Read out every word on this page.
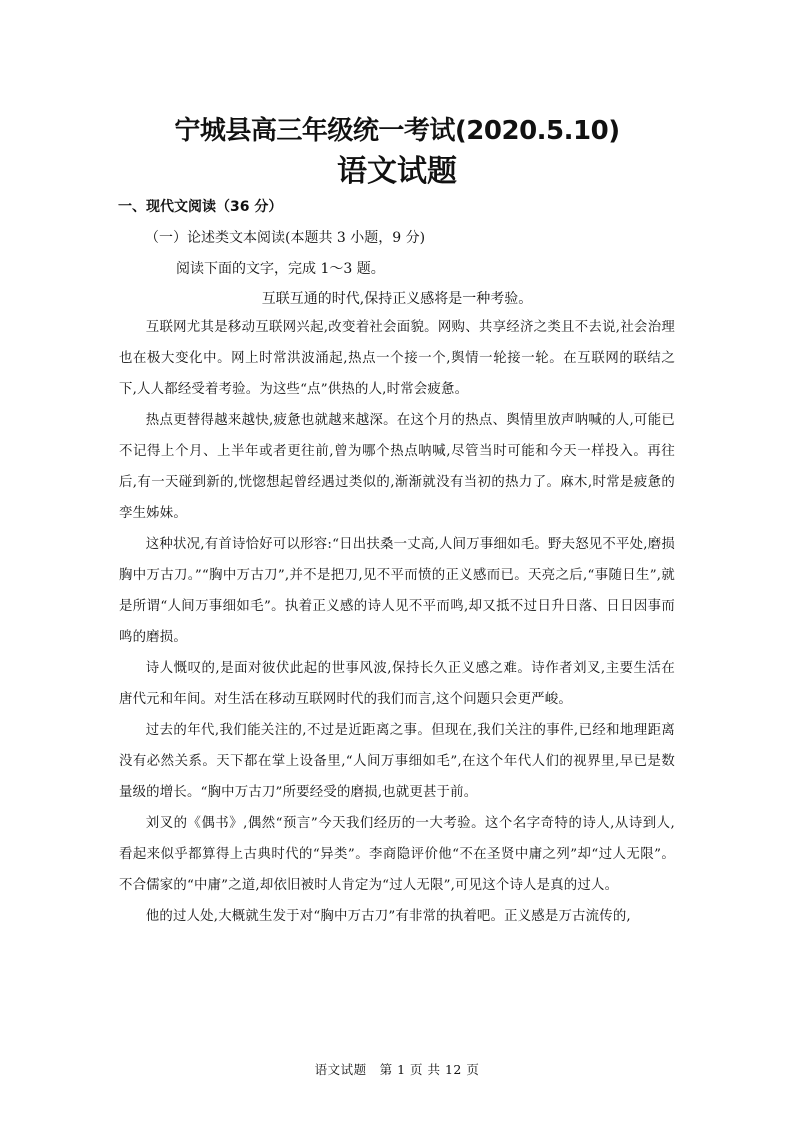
宁城县高三年级统一考试(2020.5.10)
语文试题
一、现代文阅读（36 分）
（一）论述类文本阅读(本题共 3 小题，9 分)
阅读下面的文字，完成 1～3 题。
互联互通的时代,保持正义感将是一种考验。

互联网尤其是移动互联网兴起,改变着社会面貌。网购、共享经济之类且不去说,社会治理也在极大变化中。网上时常洪波涌起,热点一个接一个,舆情一轮接一轮。在互联网的联结之下,人人都经受着考验。为这些“点”供热的人,时常会疲惫。

热点更替得越来越快,疲惫也就越来越深。在这个月的热点、舆情里放声呐喊的人,可能已不记得上个月、上半年或者更往前,曾为哪个热点呐喊,尽管当时可能和今天一样投入。再往后,有一天碰到新的,恍惚想起曾经遇过类似的,渐渐就没有当初的热力了。麻木,时常是疲惫的孪生姊妹。

这种状况,有首诗恰好可以形容:“日出扶桑一丈高,人间万事细如毛。野夫怒见不平处,磨损胸中万古刀。”“胸中万古刀”,并不是把刀,见不平而愤的正义感而已。天亮之后,“事随日生”,就是所谓“人间万事细如毛”。执着正义感的诗人见不平而鸣,却又抵不过日升日落、日日因事而鸣的磨损。

诗人慨叹的,是面对彼伏此起的世事风波,保持长久正义感之难。诗作者刘叉,主要生活在唐代元和年间。对生活在移动互联网时代的我们而言,这个问题只会更严峻。

过去的年代,我们能关注的,不过是近距离之事。但现在,我们关注的事件,已经和地理距离没有必然关系。天下都在掌上设备里,“人间万事细如毛”,在这个年代人们的视界里,早已是数量级的增长。“胸中万古刀”所要经受的磨损,也就更甚于前。

刘叉的《偶书》,偶然“预言”今天我们经历的一大考验。这个名字奇特的诗人,从诗到人,看起来似乎都算得上古典时代的“异类”。李商隐评价他“不在圣贤中庸之列”却“过人无限”。不合儒家的“中庸”之道,却依旧被时人肯定为“过人无限”,可见这个诗人是真的过人。

他的过人处,大概就生发于对“胸中万古刀”有非常的执着吧。正义感是万古流传的,

语文试题　第 1 页 共 12 页
